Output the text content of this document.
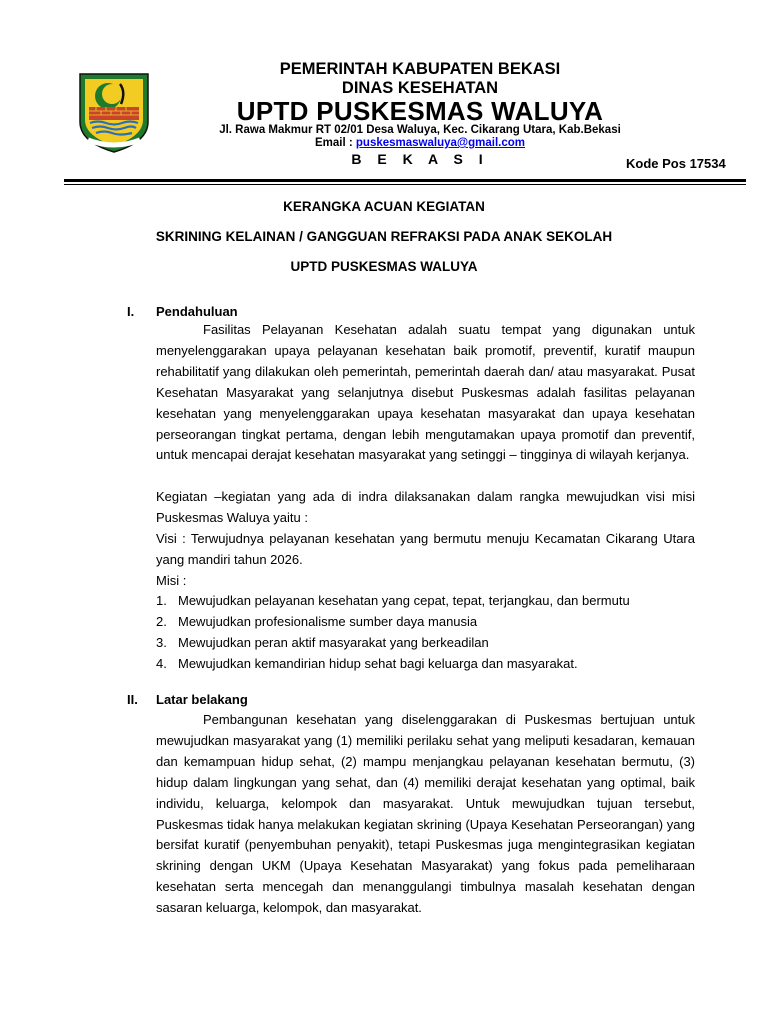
PEMERINTAH KABUPATEN BEKASI
DINAS KESEHATAN
UPTD PUSKESMAS WALUYA
Jl. Rawa Makmur RT 02/01 Desa Waluya, Kec. Cikarang Utara, Kab.Bekasi
Email : puskesmaswaluya@gmail.com
B E K A S I	Kode Pos 17534
KERANGKA ACUAN KEGIATAN
SKRINING KELAINAN / GANGGUAN REFRAKSI PADA ANAK SEKOLAH
UPTD PUSKESMAS WALUYA
I. Pendahuluan
Fasilitas Pelayanan Kesehatan adalah suatu tempat yang digunakan untuk menyelenggarakan upaya pelayanan kesehatan baik promotif, preventif, kuratif maupun rehabilitatif yang dilakukan oleh pemerintah, pemerintah daerah dan/ atau masyarakat. Pusat Kesehatan Masyarakat yang selanjutnya disebut Puskesmas adalah fasilitas pelayanan kesehatan yang menyelenggarakan upaya kesehatan masyarakat dan upaya kesehatan perseorangan tingkat pertama, dengan lebih mengutamakan upaya promotif dan preventif, untuk mencapai derajat kesehatan masyarakat yang setinggi – tingginya di wilayah kerjanya.
Kegiatan –kegiatan yang ada di indra dilaksanakan dalam rangka mewujudkan visi misi Puskesmas Waluya yaitu :
Visi : Terwujudnya pelayanan kesehatan yang bermutu menuju Kecamatan Cikarang Utara yang mandiri tahun 2026.
Misi :
1. Mewujudkan pelayanan kesehatan yang cepat, tepat, terjangkau, dan bermutu
2. Mewujudkan profesionalisme sumber daya manusia
3. Mewujudkan peran aktif masyarakat yang berkeadilan
4. Mewujudkan kemandirian hidup sehat bagi keluarga dan masyarakat.
II. Latar belakang
Pembangunan kesehatan yang diselenggarakan di Puskesmas bertujuan untuk mewujudkan masyarakat yang (1) memiliki perilaku sehat yang meliputi kesadaran, kemauan dan kemampuan hidup sehat, (2) mampu menjangkau pelayanan kesehatan bermutu, (3) hidup dalam lingkungan yang sehat, dan (4) memiliki derajat kesehatan yang optimal, baik individu, keluarga, kelompok dan masyarakat. Untuk mewujudkan tujuan tersebut, Puskesmas tidak hanya melakukan kegiatan skrining (Upaya Kesehatan Perseorangan) yang bersifat kuratif (penyembuhan penyakit), tetapi Puskesmas juga mengintegrasikan kegiatan skrining dengan UKM (Upaya Kesehatan Masyarakat) yang fokus pada pemeliharaan kesehatan serta mencegah dan menanggulangi timbulnya masalah kesehatan dengan sasaran keluarga, kelompok, dan masyarakat.
